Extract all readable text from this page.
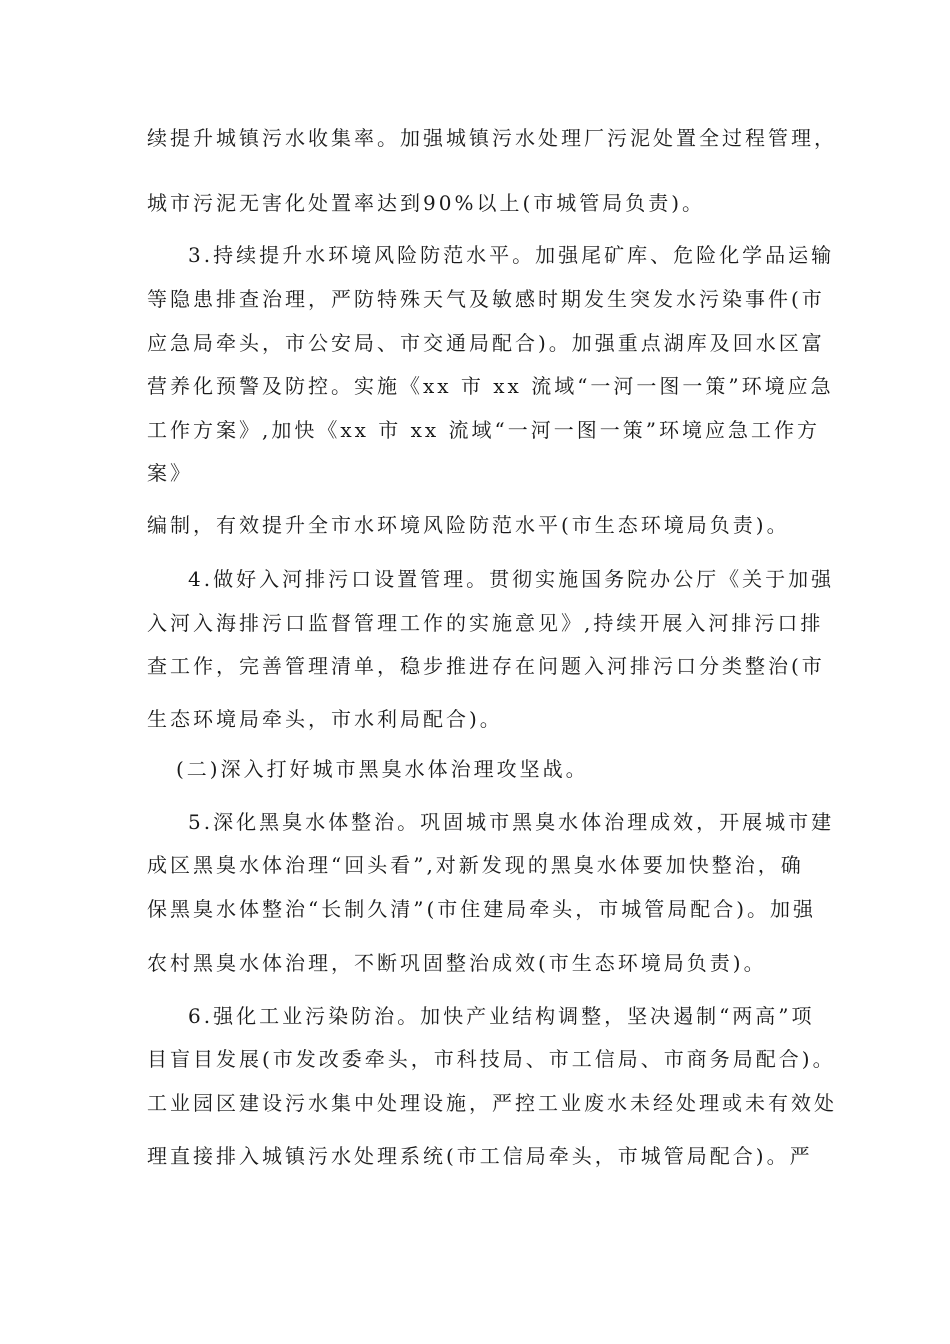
续提升城镇污水收集率。加强城镇污水处理厂污泥处置全过程管理，
城市污泥无害化处置率达到90%以上(市城管局负责)。
3.持续提升水环境风险防范水平。加强尾矿库、危险化学品运输
等隐患排查治理，严防特殊天气及敏感时期发生突发水污染事件(市
应急局牵头，市公安局、市交通局配合)。加强重点湖库及回水区富
营养化预警及防控。实施《xx 市 xx 流域“一河一图一策”环境应急
工作方案》,加快《xx 市 xx 流域“一河一图一策”环境应急工作方
案》
编制，有效提升全市水环境风险防范水平(市生态环境局负责)。
4.做好入河排污口设置管理。贯彻实施国务院办公厅《关于加强
入河入海排污口监督管理工作的实施意见》,持续开展入河排污口排
查工作，完善管理清单，稳步推进存在问题入河排污口分类整治(市
生态环境局牵头，市水利局配合)。
(二)深入打好城市黑臭水体治理攻坚战。
5.深化黑臭水体整治。巩固城市黑臭水体治理成效，开展城市建
成区黑臭水体治理“回头看”,对新发现的黑臭水体要加快整治，确
保黑臭水体整治“长制久清”(市住建局牵头，市城管局配合)。加强
农村黑臭水体治理，不断巩固整治成效(市生态环境局负责)。
6.强化工业污染防治。加快产业结构调整，坚决遏制“两高”项
目盲目发展(市发改委牵头，市科技局、市工信局、市商务局配合)。
工业园区建设污水集中处理设施，严控工业废水未经处理或未有效处
理直接排入城镇污水处理系统(市工信局牵头，市城管局配合)。严
